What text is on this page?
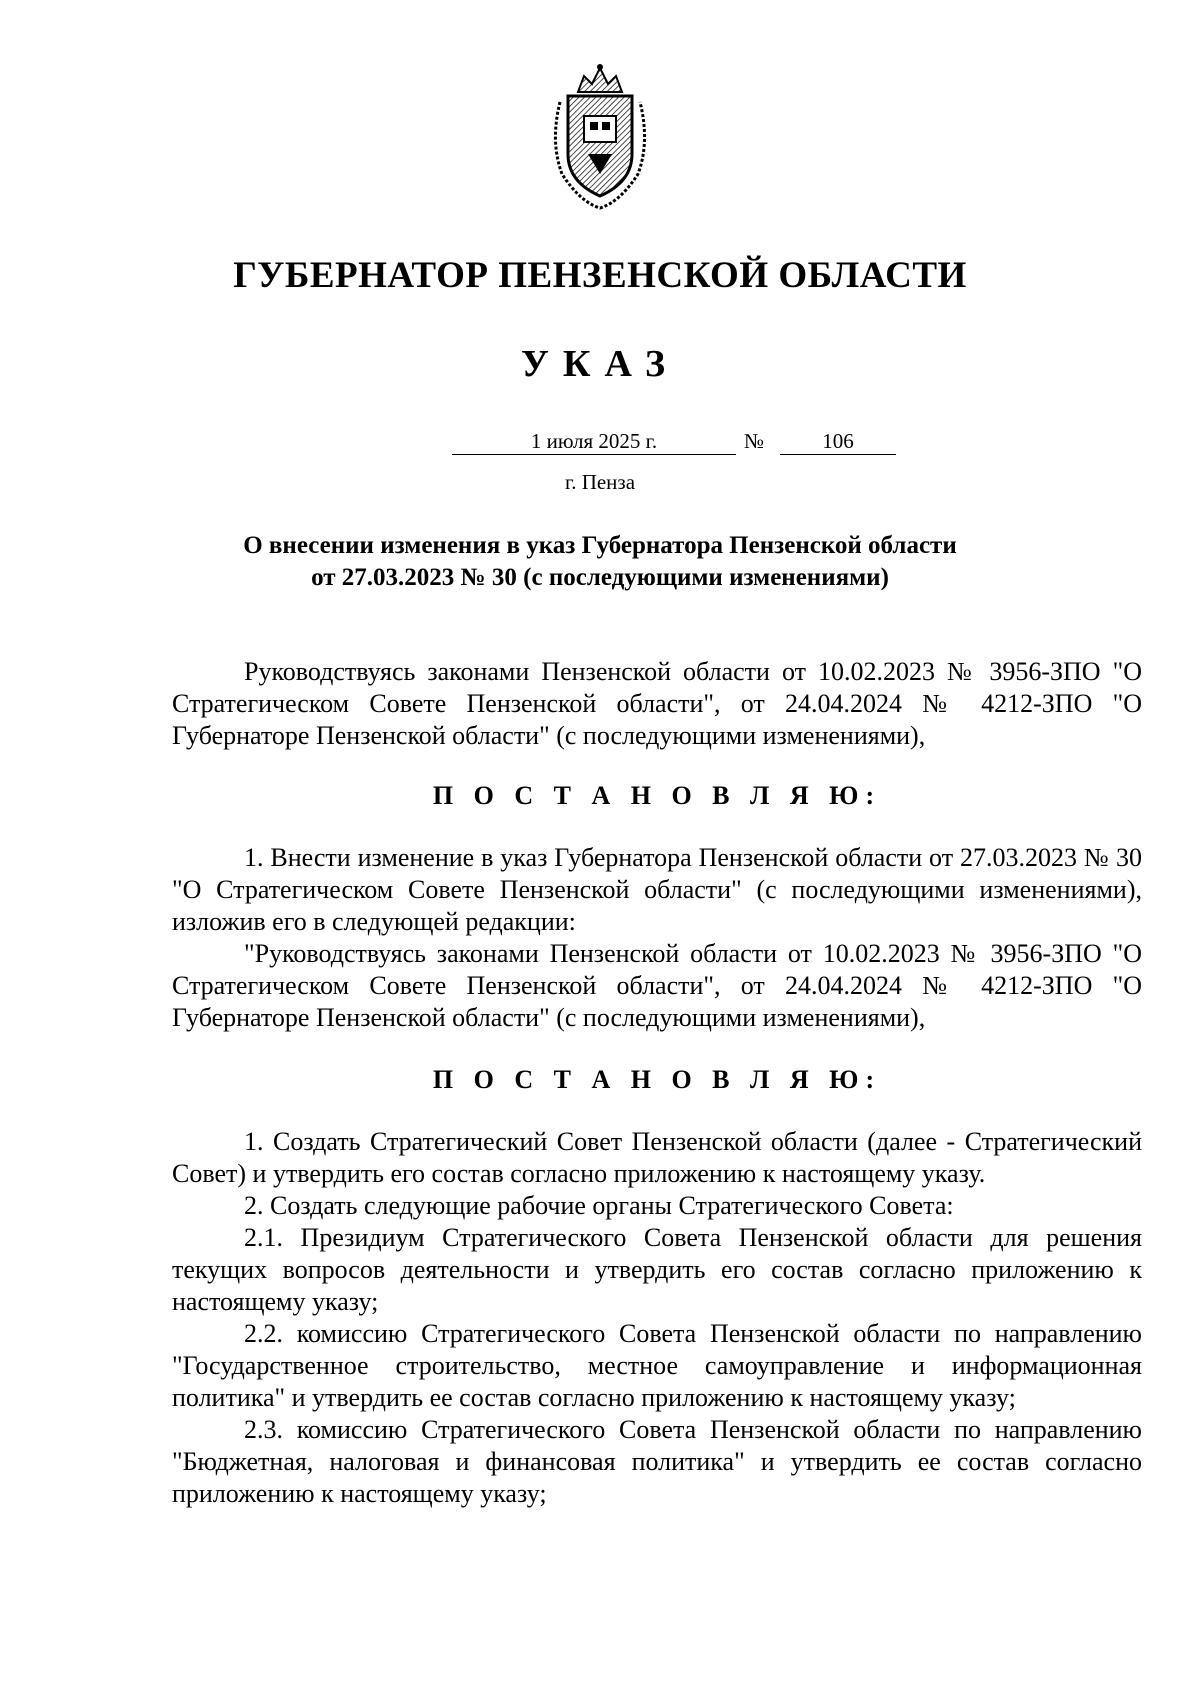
ГУБЕРНАТОР ПЕНЗЕНСКОЙ ОБЛАСТИ
УКАЗ
1 июля 2025 г.	№	106
г. Пенза
О внесении изменения в указ Губернатора Пензенской области
от 27.03.2023 № 30 (с последующими изменениями)

Руководствуясь законами Пензенской области от 10.02.2023 № 3956-ЗПО "О Стратегическом Совете Пензенской области", от 24.04.2024 № 4212-ЗПО "О Губернаторе Пензенской области" (с последующими изменениями),

П О С Т А Н О В Л Я Ю:

1. Внести изменение в указ Губернатора Пензенской области от 27.03.2023 № 30 "О Стратегическом Совете Пензенской области" (с последующими изменениями), изложив его в следующей редакции:

"Руководствуясь законами Пензенской области от 10.02.2023 № 3956-ЗПО "О Стратегическом Совете Пензенской области", от 24.04.2024 № 4212-ЗПО "О Губернаторе Пензенской области" (с последующими изменениями),

П О С Т А Н О В Л Я Ю:

1. Создать Стратегический Совет Пензенской области (далее - Стратегический Совет) и утвердить его состав согласно приложению к настоящему указу.

2. Создать следующие рабочие органы Стратегического Совета:

2.1. Президиум Стратегического Совета Пензенской области для решения текущих вопросов деятельности и утвердить его состав согласно приложению к настоящему указу;

2.2. комиссию Стратегического Совета Пензенской области по направлению "Государственное строительство, местное самоуправление и информационная политика" и утвердить ее состав согласно приложению к настоящему указу;

2.3. комиссию Стратегического Совета Пензенской области по направлению "Бюджетная, налоговая и финансовая политика" и утвердить ее состав согласно приложению к настоящему указу;
